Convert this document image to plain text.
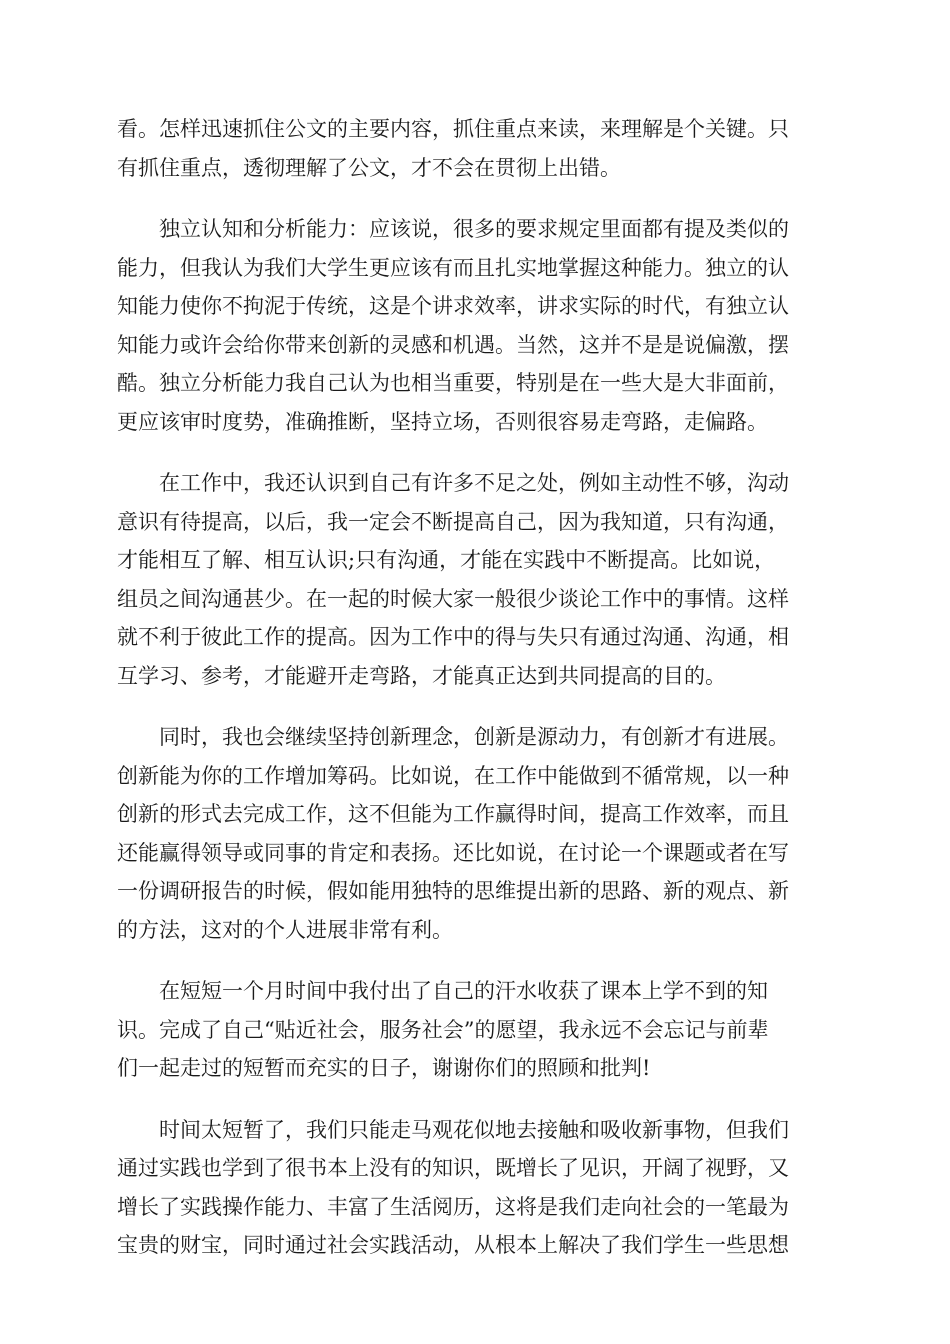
看。怎样迅速抓住公文的主要内容，抓住重点来读，来理解是个关键。只
有抓住重点，透彻理解了公文，才不会在贯彻上出错。

　　独立认知和分析能力：应该说，很多的要求规定里面都有提及类似的
能力，但我认为我们大学生更应该有而且扎实地掌握这种能力。独立的认
知能力使你不拘泥于传统，这是个讲求效率，讲求实际的时代，有独立认
知能力或许会给你带来创新的灵感和机遇。当然，这并不是是说偏激，摆
酷。独立分析能力我自己认为也相当重要，特别是在一些大是大非面前，
更应该审时度势，准确推断，坚持立场，否则很容易走弯路，走偏路。

　　在工作中，我还认识到自己有许多不足之处，例如主动性不够，沟动
意识有待提高，以后，我一定会不断提高自己，因为我知道，只有沟通，
才能相互了解、相互认识;只有沟通，才能在实践中不断提高。比如说，
组员之间沟通甚少。在一起的时候大家一般很少谈论工作中的事情。这样
就不利于彼此工作的提高。因为工作中的得与失只有通过沟通、沟通，相
互学习、参考，才能避开走弯路，才能真正达到共同提高的目的。

　　同时，我也会继续坚持创新理念，创新是源动力，有创新才有进展。
创新能为你的工作增加筹码。比如说，在工作中能做到不循常规，以一种
创新的形式去完成工作，这不但能为工作赢得时间，提高工作效率，而且
还能赢得领导或同事的肯定和表扬。还比如说，在讨论一个课题或者在写
一份调研报告的时候，假如能用独特的思维提出新的思路、新的观点、新
的方法，这对的个人进展非常有利。

　　在短短一个月时间中我付出了自己的汗水收获了课本上学不到的知
识。完成了自己“贴近社会，服务社会”的愿望，我永远不会忘记与前辈
们一起走过的短暂而充实的日子，谢谢你们的照顾和批判!

　　时间太短暂了，我们只能走马观花似地去接触和吸收新事物，但我们
通过实践也学到了很书本上没有的知识，既增长了见识，开阔了视野，又
增长了实践操作能力、丰富了生活阅历，这将是我们走向社会的一笔最为
宝贵的财宝，同时通过社会实践活动，从根本上解决了我们学生一些思想
